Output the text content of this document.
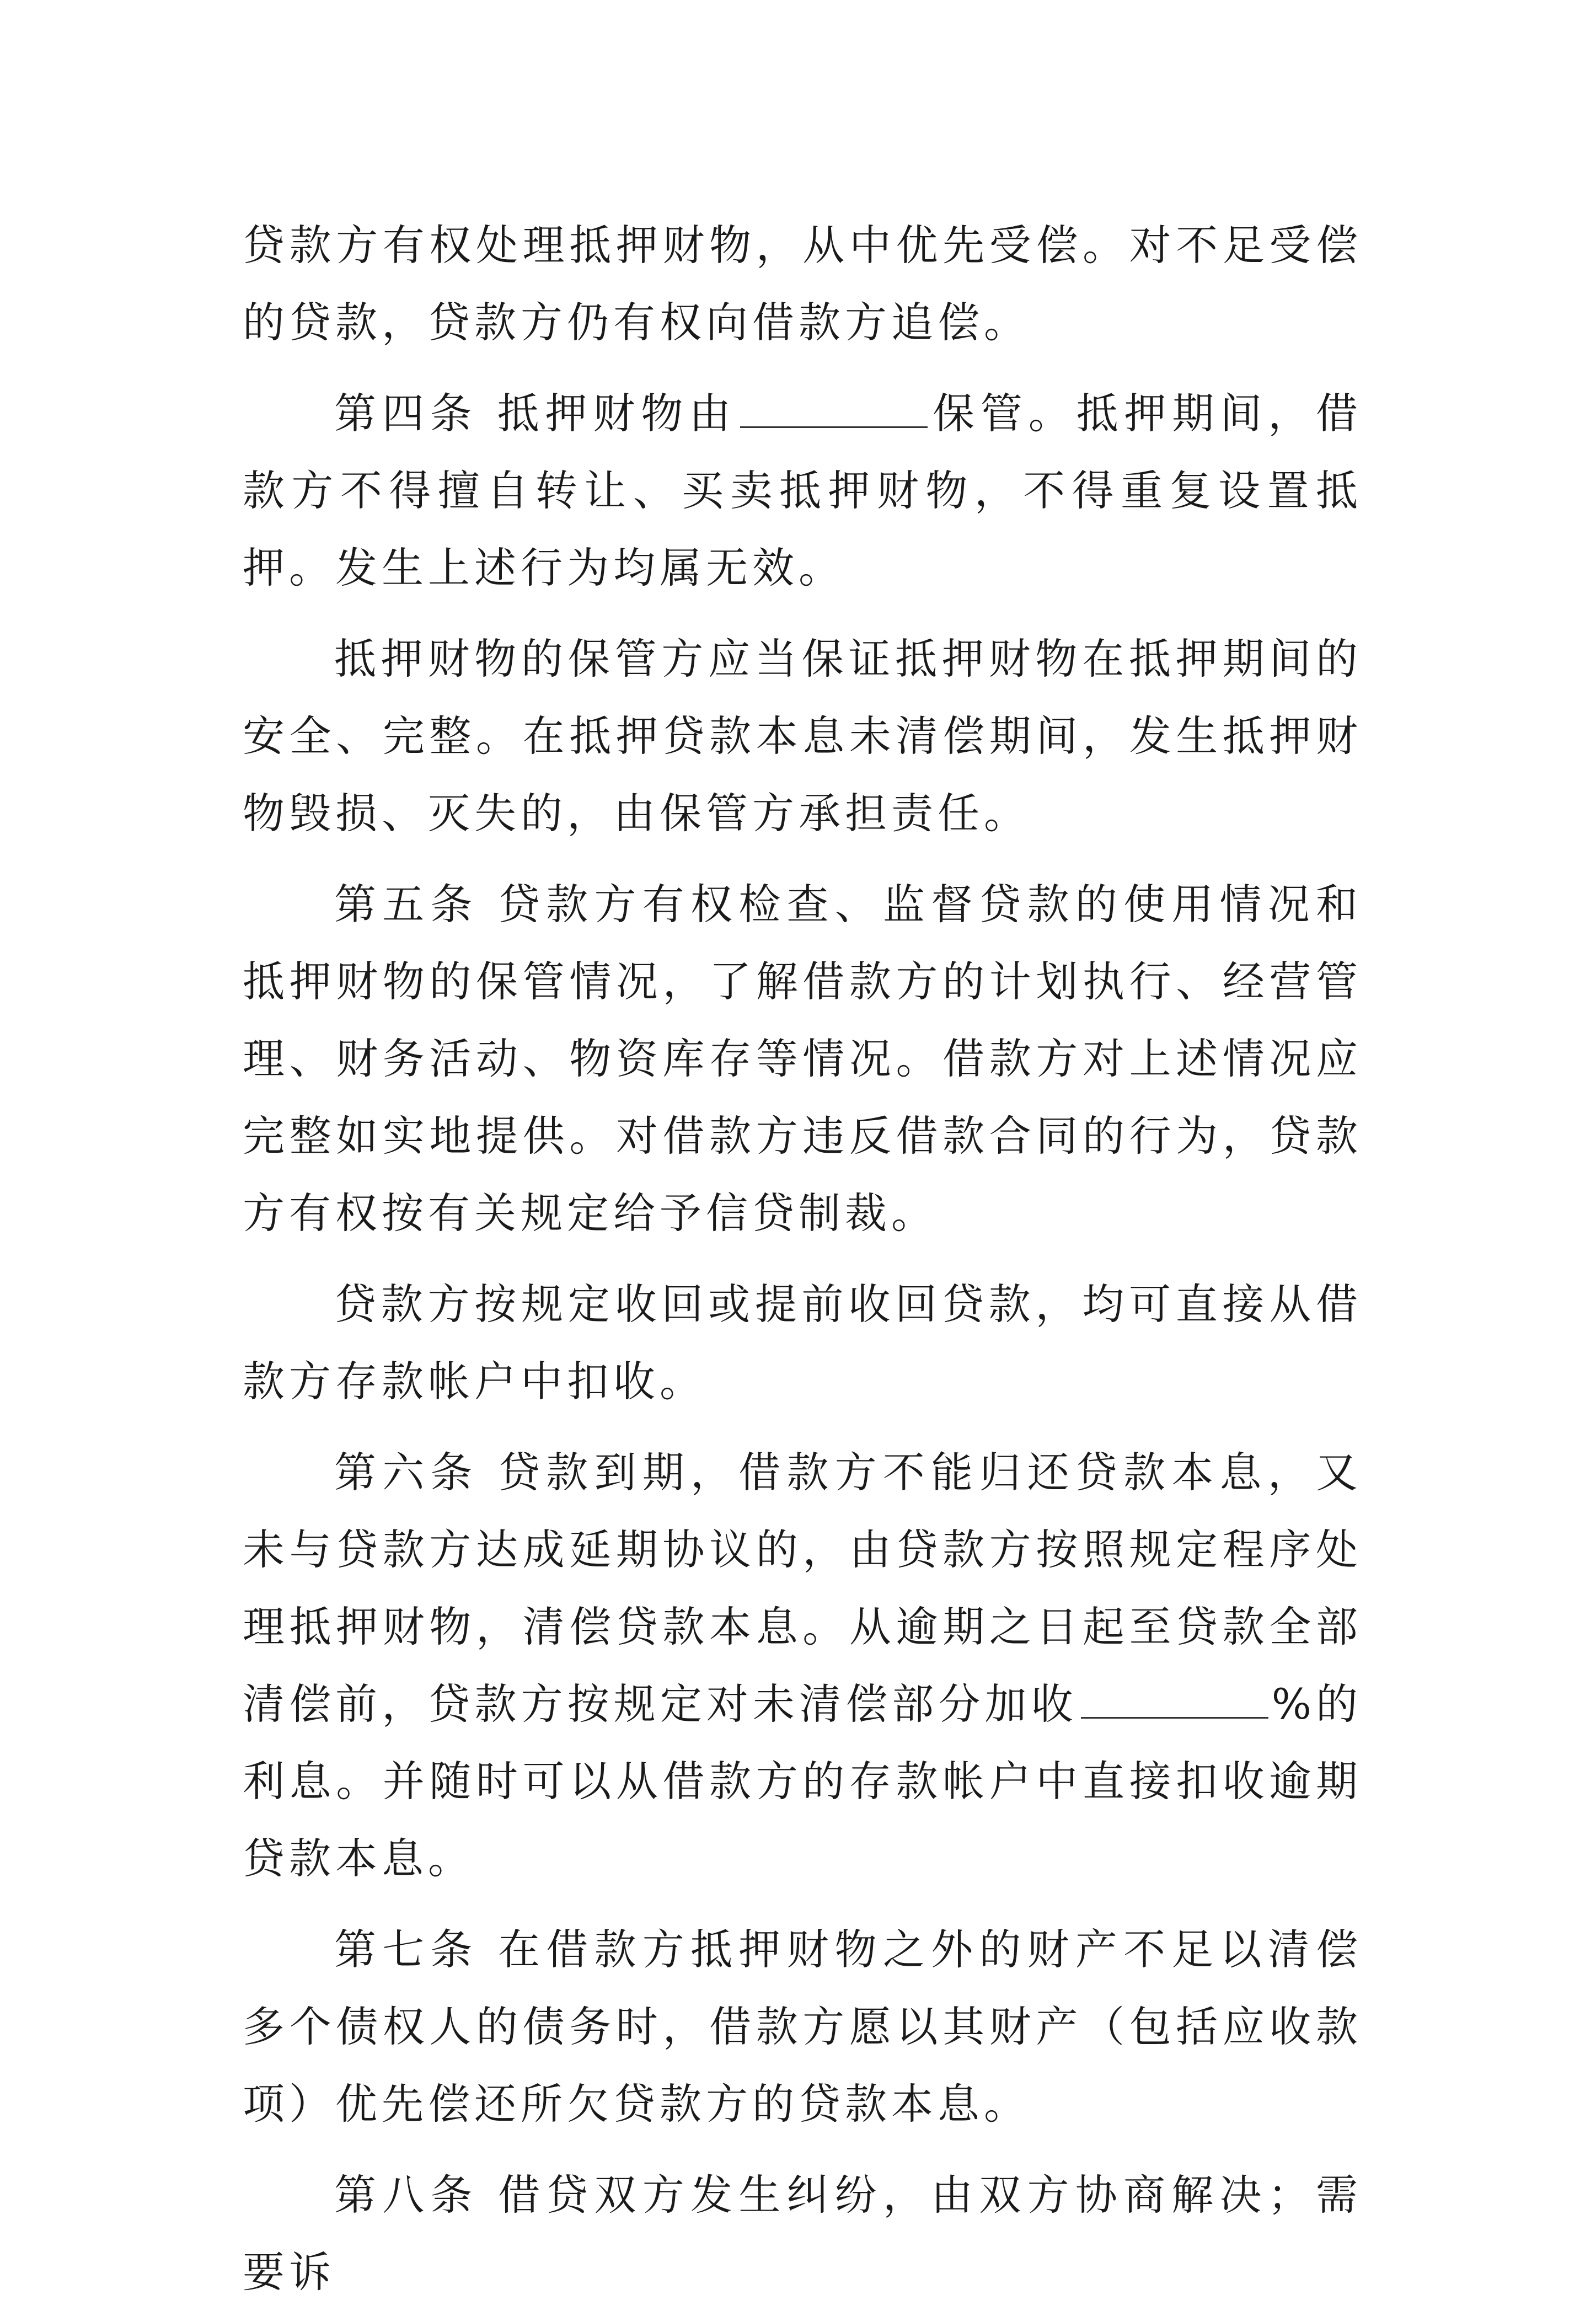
贷款方有权处理抵押财物，从中优先受偿。对不足受偿的贷款，贷款方仍有权向借款方追偿。

第四条 抵押财物由	保管。抵押期间，借款方不得擅自转让、买卖抵押财物，不得重复设置抵押。发生上述行为均属无效。

抵押财物的保管方应当保证抵押财物在抵押期间的安全、完整。在抵押贷款本息未清偿期间，发生抵押财物毁损、灭失的，由保管方承担责任。

第五条 贷款方有权检查、监督贷款的使用情况和抵押财物的保管情况，了解借款方的计划执行、经营管理、财务活动、物资库存等情况。借款方对上述情况应完整如实地提供。对借款方违反借款合同的行为，贷款方有权按有关规定给予信贷制裁。

贷款方按规定收回或提前收回贷款，均可直接从借款方存款帐户中扣收。

第六条 贷款到期，借款方不能归还贷款本息，又未与贷款方达成延期协议的，由贷款方按照规定程序处理抵押财物，清偿贷款本息。从逾期之日起至贷款全部清偿前，贷款方按规定对未清偿部分加收	%的利息。并随时可以从借款方的存款帐户中直接扣收逾期贷款本息。

第七条 在借款方抵押财物之外的财产不足以清偿多个债权人的债务时，借款方愿以其财产（包括应收款项）优先偿还所欠贷款方的贷款本息。

第八条 借贷双方发生纠纷，由双方协商解决；需要诉
